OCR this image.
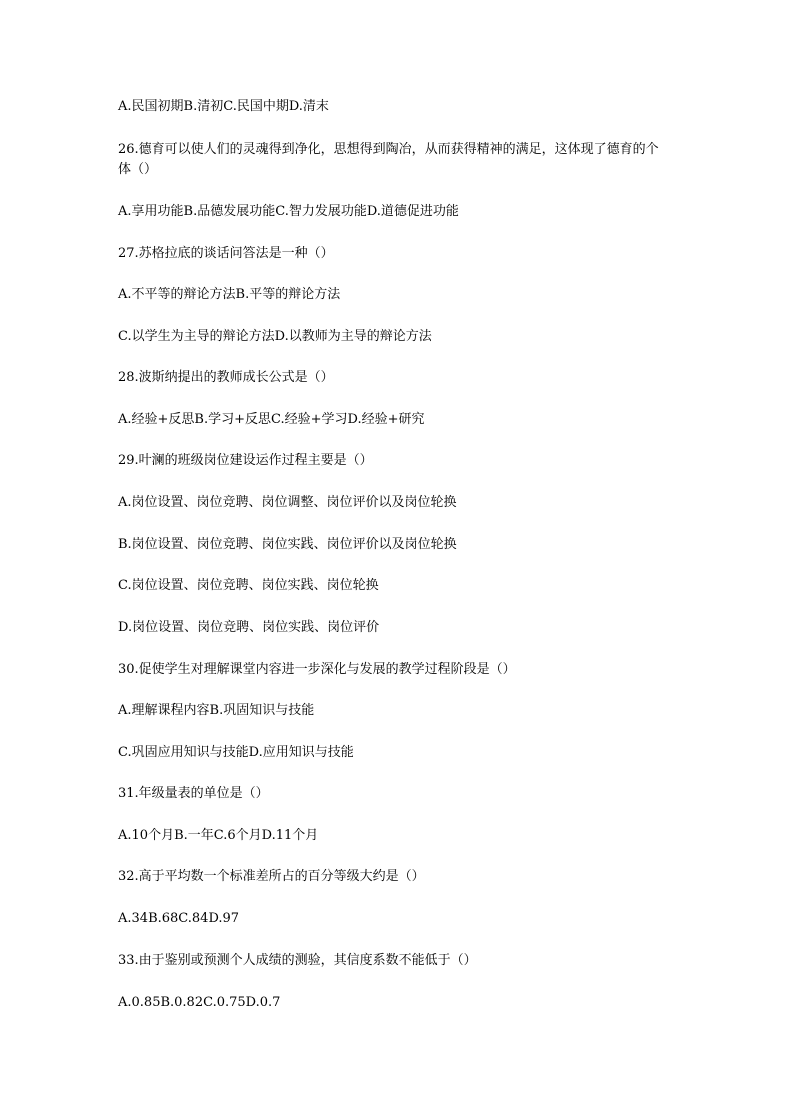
A.民国初期B.清初C.民国中期D.清末
26.德育可以使人们的灵魂得到净化，思想得到陶冶，从而获得精神的满足，这体现了德育的个体（）
A.享用功能B.品德发展功能C.智力发展功能D.道德促进功能
27.苏格拉底的谈话问答法是一种（）
A.不平等的辩论方法B.平等的辩论方法
C.以学生为主导的辩论方法D.以教师为主导的辩论方法
28.波斯纳提出的教师成长公式是（）
A.经验+反思B.学习+反思C.经验+学习D.经验+研究
29.叶澜的班级岗位建设运作过程主要是（）
A.岗位设置、岗位竞聘、岗位调整、岗位评价以及岗位轮换
B.岗位设置、岗位竞聘、岗位实践、岗位评价以及岗位轮换
C.岗位设置、岗位竞聘、岗位实践、岗位轮换
D.岗位设置、岗位竞聘、岗位实践、岗位评价
30.促使学生对理解课堂内容进一步深化与发展的教学过程阶段是（）
A.理解课程内容B.巩固知识与技能
C.巩固应用知识与技能D.应用知识与技能
31.年级量表的单位是（）
A.10个月B.一年C.6个月D.11个月
32.高于平均数一个标准差所占的百分等级大约是（）
A.34B.68C.84D.97
33.由于鉴别或预测个人成绩的测验，其信度系数不能低于（）
A.0.85B.0.82C.0.75D.0.7
